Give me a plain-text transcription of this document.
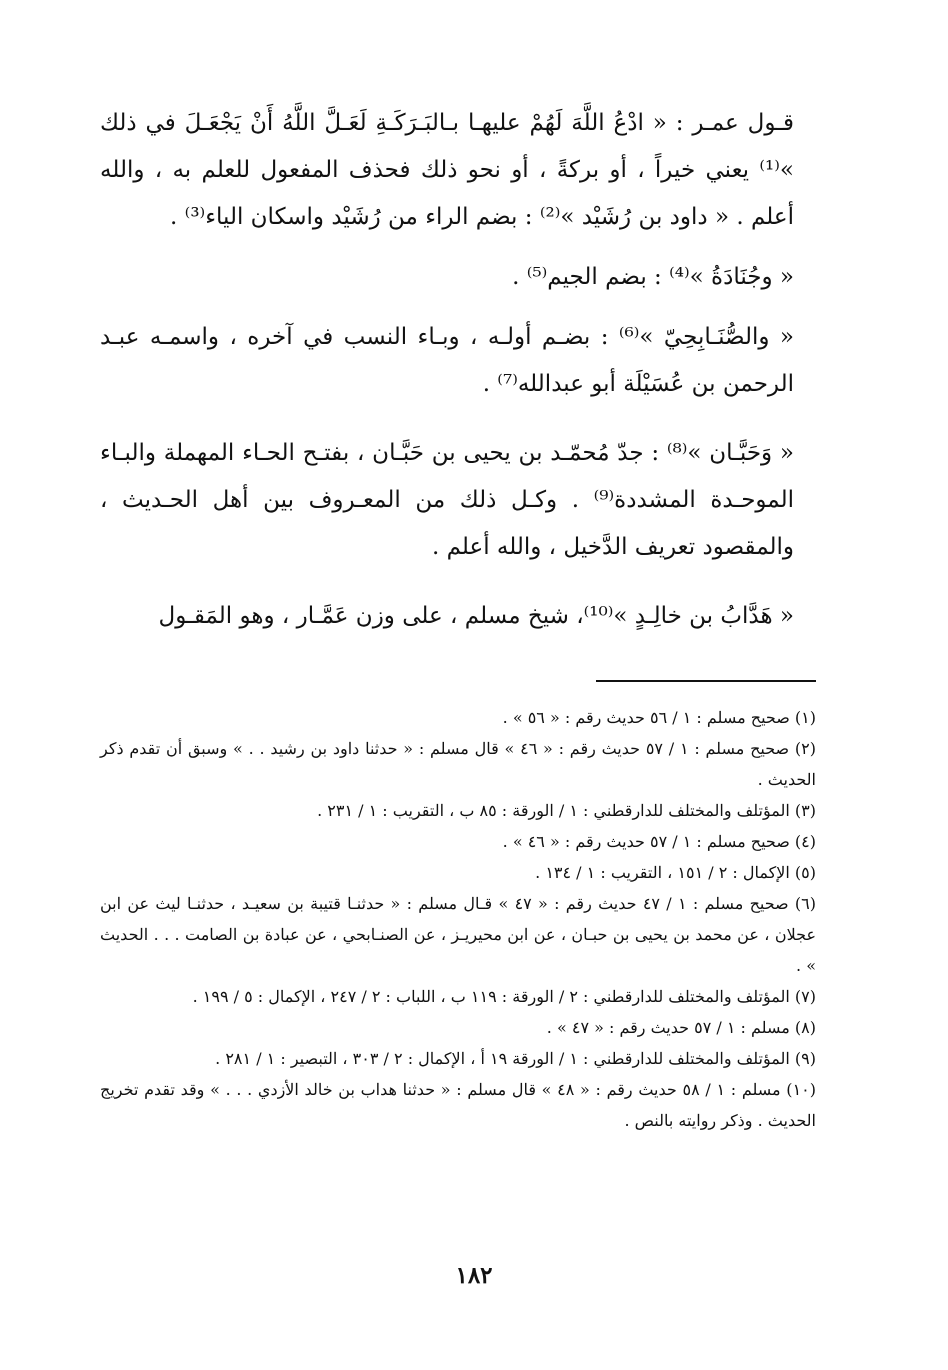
قـول عمـر : « ادْعُ اللَّهَ لَهُمْ عليهـا بـالبَـرَكَـةِ لَعَـلَّ اللَّهُ أَنْ يَجْعَـلَ في ذلك »⁽¹⁾ يعني خيراً ، أو بركةً ، أو نحو ذلك فحذف المفعول للعلم به ، والله أعلم . « داود بن رُشَيْد »⁽²⁾ : بضم الراء من رُشَيْد واسكان الياء⁽³⁾ .

« وجُنَادَةُ »⁽⁴⁾ : بضم الجيم⁽⁵⁾ .

« والصُّنَـابِحِيّ »⁽⁶⁾ : بضـم أولـه ، وبـاء النسب في آخره ، واسمـه عبـد الرحمن بن عُسَيْلَة أبو عبدالله⁽⁷⁾ .

« وَحَبَّـان »⁽⁸⁾ : جدّ مُحمّـد بن يحيى بن حَبَّـان ، بفتـح الحـاء المهملة والبـاء الموحـدة المشددة⁽⁹⁾ . وكـل ذلك من المعـروف بين أهل الحـديث ، والمقصود تعريف الدَّخيل ، والله أعلم .

« هَدَّابُ بن خالِـدٍ »⁽¹⁰⁾، شيخ مسلم ، على وزن عَمَّـار ، وهو المَقـول

(١) صحيح مسلم : ١ / ٥٦ حديث رقم : « ٥٦ » .

(٢) صحيح مسلم : ١ / ٥٧ حديث رقم : « ٤٦ » قال مسلم : « حدثنا داود بن رشيد . . » وسبق أن تقدم ذكر الحديث .

(٣) المؤتلف والمختلف للدارقطني : ١ / الورقة : ٨٥ ب ، التقريب : ١ / ٢٣١ .

(٤) صحيح مسلم : ١ / ٥٧ حديث رقم : « ٤٦ » .

(٥) الإكمال : ٢ / ١٥١ ، التقريب : ١ / ١٣٤ .

(٦) صحيح مسلم : ١ / ٤٧ حديث رقم : « ٤٧ » قـال مسلم : « حدثنـا قتيبة بن سعيـد ، حدثنـا ليث عن ابن عجلان ، عن محمد بن يحيى بن حبـان ، عن ابن محيريـز ، عن الصنـابحي ، عن عبادة بن الصامت . . . الحديث » .

(٧) المؤتلف والمختلف للدارقطني : ٢ / الورقة : ١١٩ ب ، اللباب : ٢ / ٢٤٧ ، الإكمال : ٥ / ١٩٩ .

(٨) مسلم : ١ / ٥٧ حديث رقم : « ٤٧ » .

(٩) المؤتلف والمختلف للدارقطني : ١ / الورقة ١٩ أ ، الإكمال : ٢ / ٣٠٣ ، التبصير : ١ / ٢٨١ .

(١٠) مسلم : ١ / ٥٨ حديث رقم : « ٤٨ » قال مسلم : « حدثنا هداب بن خالد الأزدي . . . » وقد تقدم تخريج الحديث . وذكر روايته بالنص .

١٨٢
